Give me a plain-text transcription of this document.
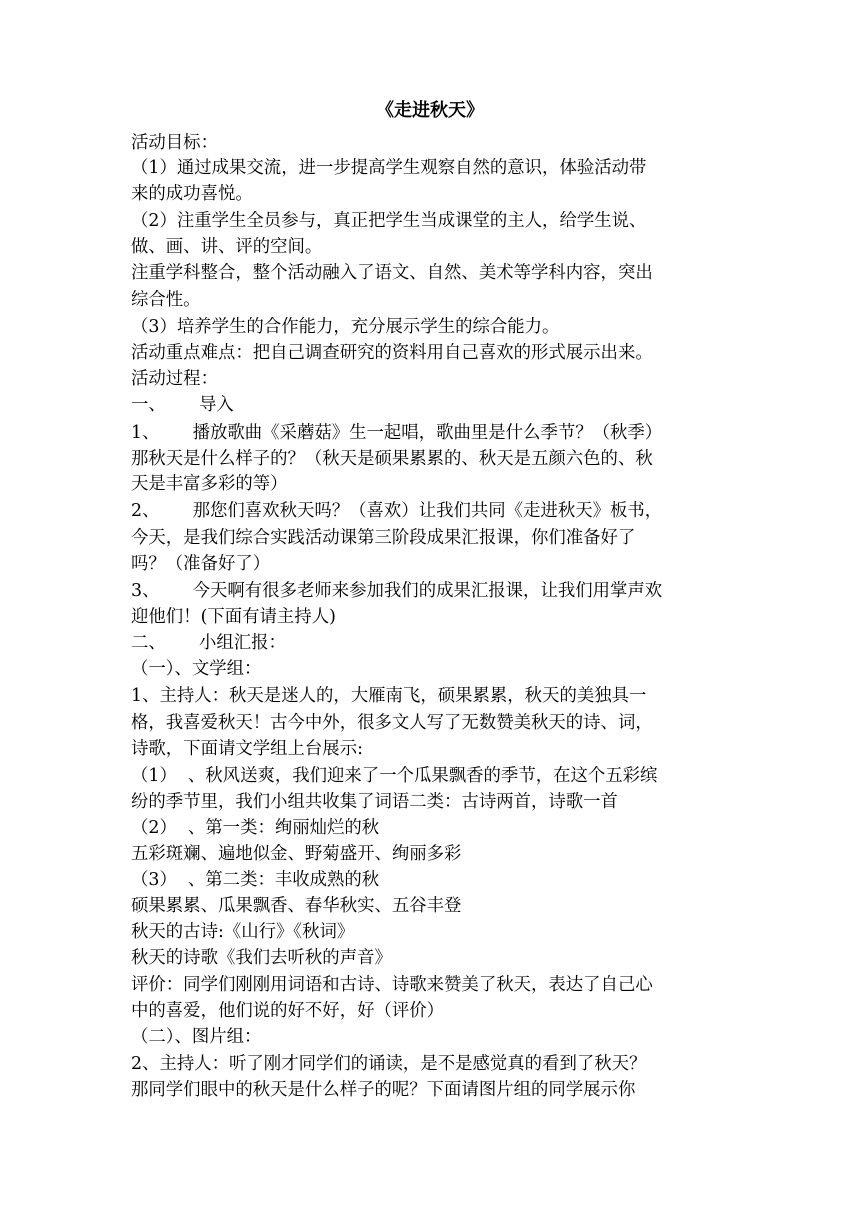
《走进秋天》
活动目标：
（1）通过成果交流，进一步提高学生观察自然的意识，体验活动带
来的成功喜悦。
（2）注重学生全员参与，真正把学生当成课堂的主人，给学生说、
做、画、讲、评的空间。
注重学科整合，整个活动融入了语文、自然、美术等学科内容，突出
综合性。
（3）培养学生的合作能力，充分展示学生的综合能力。
活动重点难点：把自己调查研究的资料用自己喜欢的形式展示出来。
活动过程：
一、      导入
1、      播放歌曲《采蘑菇》生一起唱，歌曲里是什么季节？（秋季）
那秋天是什么样子的？（秋天是硕果累累的、秋天是五颜六色的、秋
天是丰富多彩的等）
2、      那您们喜欢秋天吗？（喜欢）让我们共同《走进秋天》板书，
今天，是我们综合实践活动课第三阶段成果汇报课，你们准备好了
吗？（准备好了）
3、      今天啊有很多老师来参加我们的成果汇报课，让我们用掌声欢
迎他们！(下面有请主持人)
二、      小组汇报：
（一）、文学组：
1、主持人：秋天是迷人的，大雁南飞，硕果累累，秋天的美独具一
格，我喜爱秋天！古今中外，很多文人写了无数赞美秋天的诗、词，
诗歌，下面请文学组上台展示:
（1）  、秋风送爽，我们迎来了一个瓜果飘香的季节，在这个五彩缤
纷的季节里，我们小组共收集了词语二类：古诗两首，诗歌一首
（2）  、第一类：绚丽灿烂的秋
五彩斑斓、遍地似金、野菊盛开、绚丽多彩
（3）  、第二类：丰收成熟的秋
硕果累累、瓜果飘香、春华秋实、五谷丰登
秋天的古诗:《山行》《秋词》
秋天的诗歌《我们去听秋的声音》
评价：同学们刚刚用词语和古诗、诗歌来赞美了秋天，表达了自己心
中的喜爱，他们说的好不好，好（评价）
（二）、图片组：
2、主持人：听了刚才同学们的诵读，是不是感觉真的看到了秋天？
那同学们眼中的秋天是什么样子的呢？下面请图片组的同学展示你
